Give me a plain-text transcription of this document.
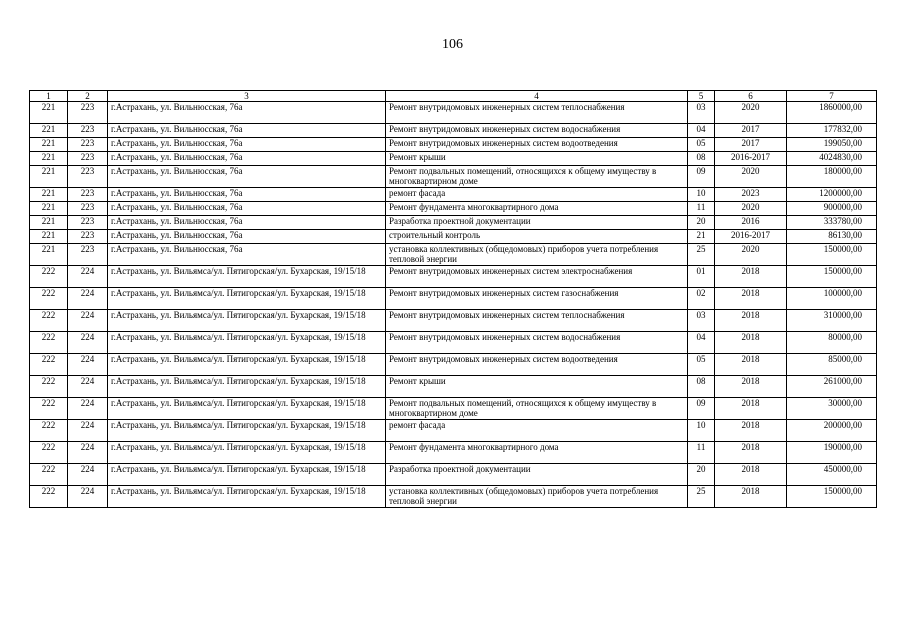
106
1	2	3	4	5	6	7
221	223	г.Астрахань, ул. Вильнюсская, 76а	Ремонт внутридомовых инженерных систем теплоснабжения	03	2020	1860000,00
221	223	г.Астрахань, ул. Вильнюсская, 76а	Ремонт внутридомовых инженерных систем водоснабжения	04	2017	177832,00
221	223	г.Астрахань, ул. Вильнюсская, 76а	Ремонт внутридомовых инженерных систем водоотведения	05	2017	199050,00
221	223	г.Астрахань, ул. Вильнюсская, 76а	Ремонт крыши	08	2016-2017	4024830,00
221	223	г.Астрахань, ул. Вильнюсская, 76а	Ремонт подвальных помещений, относящихся к общему имуществу в многоквартирном доме	09	2020	180000,00
221	223	г.Астрахань, ул. Вильнюсская, 76а	ремонт фасада	10	2023	1200000,00
221	223	г.Астрахань, ул. Вильнюсская, 76а	Ремонт фундамента многоквартирного дома	11	2020	900000,00
221	223	г.Астрахань, ул. Вильнюсская, 76а	Разработка проектной документации	20	2016	333780,00
221	223	г.Астрахань, ул. Вильнюсская, 76а	строительный контроль	21	2016-2017	86130,00
221	223	г.Астрахань, ул. Вильнюсская, 76а	установка коллективных (общедомовых) приборов учета потребления тепловой энергии	25	2020	150000,00
222	224	г.Астрахань, ул. Вильямса/ул. Пятигорская/ул. Бухарская, 19/15/18	Ремонт внутридомовых инженерных систем электроснабжения	01	2018	150000,00
222	224	г.Астрахань, ул. Вильямса/ул. Пятигорская/ул. Бухарская, 19/15/18	Ремонт внутридомовых инженерных систем газоснабжения	02	2018	100000,00
222	224	г.Астрахань, ул. Вильямса/ул. Пятигорская/ул. Бухарская, 19/15/18	Ремонт внутридомовых инженерных систем теплоснабжения	03	2018	310000,00
222	224	г.Астрахань, ул. Вильямса/ул. Пятигорская/ул. Бухарская, 19/15/18	Ремонт внутридомовых инженерных систем водоснабжения	04	2018	80000,00
222	224	г.Астрахань, ул. Вильямса/ул. Пятигорская/ул. Бухарская, 19/15/18	Ремонт внутридомовых инженерных систем водоотведения	05	2018	85000,00
222	224	г.Астрахань, ул. Вильямса/ул. Пятигорская/ул. Бухарская, 19/15/18	Ремонт крыши	08	2018	261000,00
222	224	г.Астрахань, ул. Вильямса/ул. Пятигорская/ул. Бухарская, 19/15/18	Ремонт подвальных помещений, относящихся к общему имуществу в многоквартирном доме	09	2018	30000,00
222	224	г.Астрахань, ул. Вильямса/ул. Пятигорская/ул. Бухарская, 19/15/18	ремонт фасада	10	2018	200000,00
222	224	г.Астрахань, ул. Вильямса/ул. Пятигорская/ул. Бухарская, 19/15/18	Ремонт фундамента многоквартирного дома	11	2018	190000,00
222	224	г.Астрахань, ул. Вильямса/ул. Пятигорская/ул. Бухарская, 19/15/18	Разработка проектной документации	20	2018	450000,00
222	224	г.Астрахань, ул. Вильямса/ул. Пятигорская/ул. Бухарская, 19/15/18	установка коллективных (общедомовых) приборов учета потребления тепловой энергии	25	2018	150000,00
